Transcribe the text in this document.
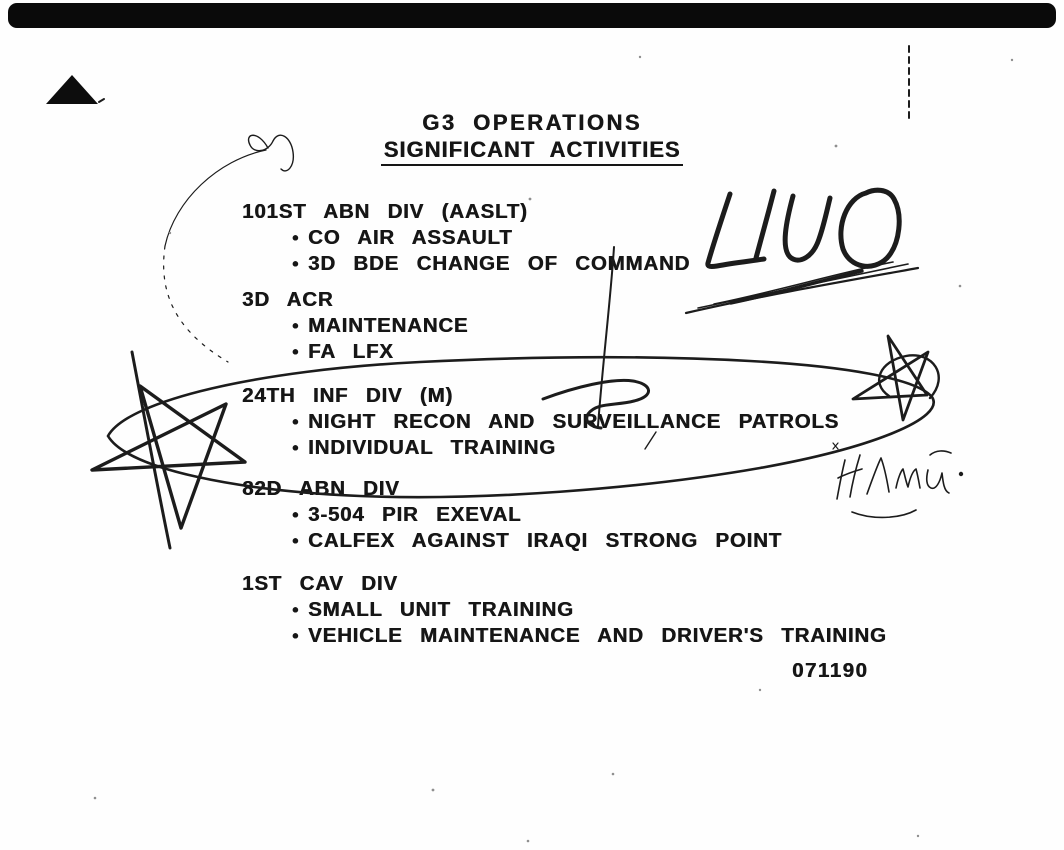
G3 OPERATIONS
SIGNIFICANT ACTIVITIES
101ST ABN DIV (AASLT)
• CO AIR ASSAULT
• 3D BDE CHANGE OF COMMAND
3D ACR
• MAINTENANCE
• FA LFX
24TH INF DIV (M)
• NIGHT RECON AND SURVEILLANCE PATROLS
• INDIVIDUAL TRAINING
82D ABN DIV
• 3-504 PIR EXEVAL
• CALFEX AGAINST IRAQI STRONG POINT
1ST CAV DIV
• SMALL UNIT TRAINING
• VEHICLE MAINTENANCE AND DRIVER'S TRAINING
071190
